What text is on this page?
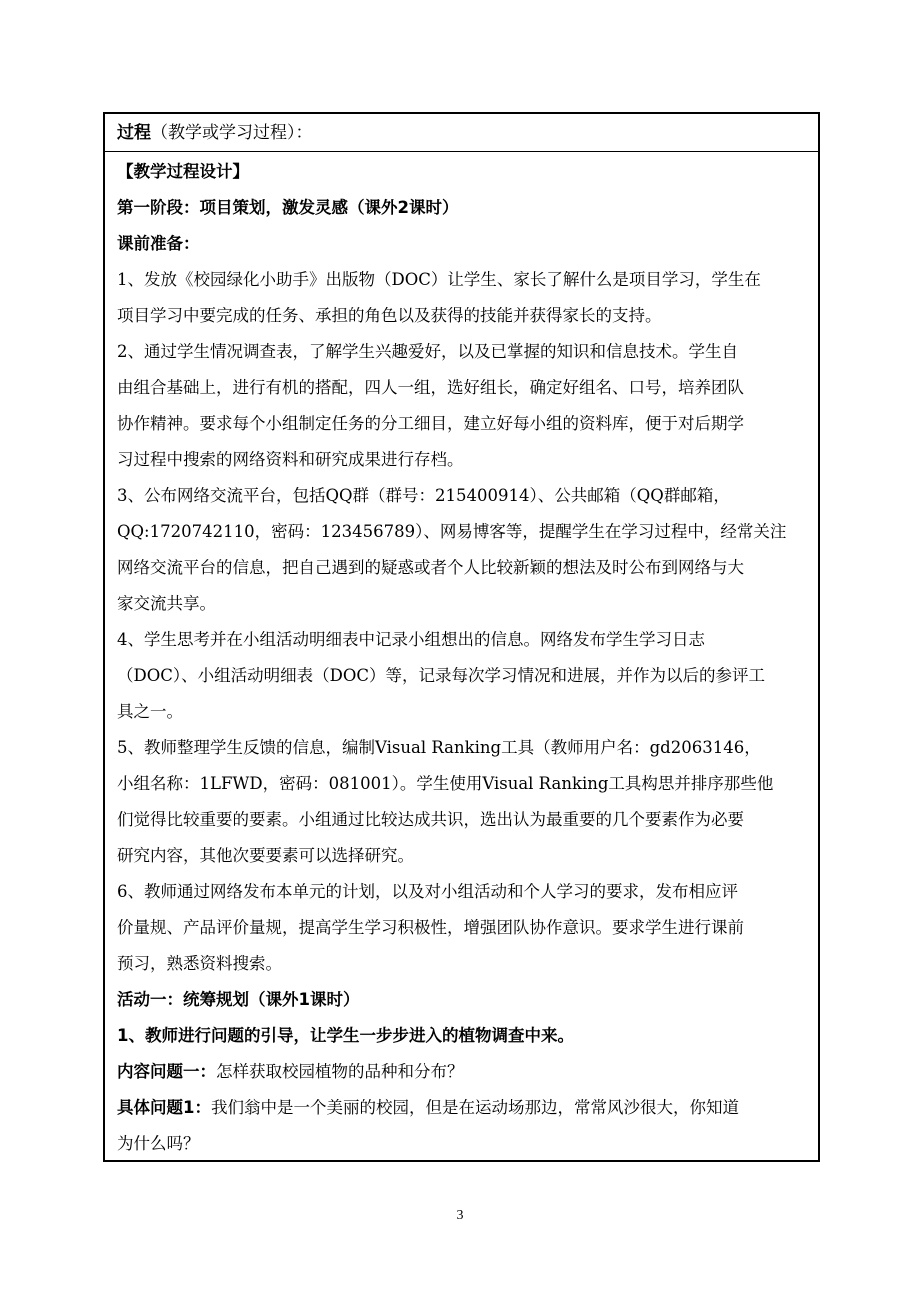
过程（教学或学习过程）：
【教学过程设计】
第一阶段：项目策划，激发灵感（课外2课时）
课前准备：
1、发放《校园绿化小助手》出版物（DOC）让学生、家长了解什么是项目学习，学生在
项目学习中要完成的任务、承担的角色以及获得的技能并获得家长的支持。
2、通过学生情况调查表，了解学生兴趣爱好，以及已掌握的知识和信息技术。学生自
由组合基础上，进行有机的搭配，四人一组，选好组长，确定好组名、口号，培养团队
协作精神。要求每个小组制定任务的分工细目，建立好每小组的资料库，便于对后期学
习过程中搜索的网络资料和研究成果进行存档。
3、公布网络交流平台，包括QQ群（群号：215400914）、公共邮箱（QQ群邮箱，
QQ:1720742110，密码：123456789）、网易博客等，提醒学生在学习过程中，经常关注
网络交流平台的信息，把自己遇到的疑惑或者个人比较新颖的想法及时公布到网络与大
家交流共享。
4、学生思考并在小组活动明细表中记录小组想出的信息。网络发布学生学习日志
（DOC）、小组活动明细表（DOC）等，记录每次学习情况和进展，并作为以后的参评工
具之一。
5、教师整理学生反馈的信息，编制Visual Ranking工具（教师用户名：gd2063146，
小组名称：1LFWD，密码：081001）。学生使用Visual Ranking工具构思并排序那些他
们觉得比较重要的要素。小组通过比较达成共识，选出认为最重要的几个要素作为必要
研究内容，其他次要要素可以选择研究。
6、教师通过网络发布本单元的计划，以及对小组活动和个人学习的要求，发布相应评
价量规、产品评价量规，提高学生学习积极性，增强团队协作意识。要求学生进行课前
预习，熟悉资料搜索。
活动一：统筹规划（课外1课时）
1、教师进行问题的引导，让学生一步步进入的植物调查中来。
内容问题一：怎样获取校园植物的品种和分布？
具体问题1：我们翁中是一个美丽的校园，但是在运动场那边，常常风沙很大，你知道
为什么吗？
3
